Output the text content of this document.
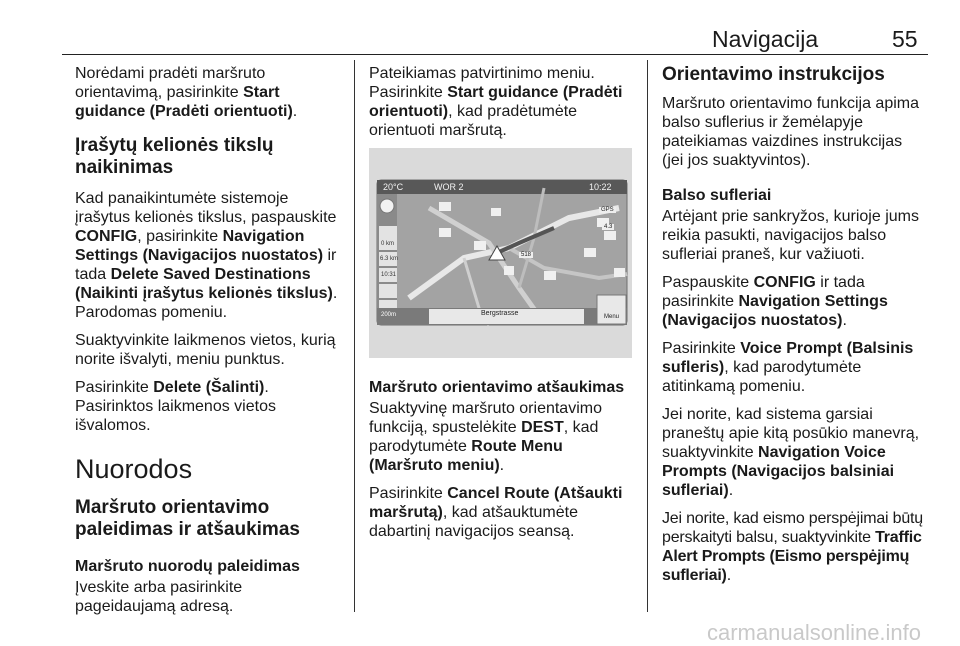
Navigacija	55

Norėdami pradėti maršruto orientavimą, pasirinkite Start guidance (Pradėti orientuoti).

Įrašytų kelionės tikslų naikinimas

Kad panaikintumėte sistemoje įrašytus kelionės tikslus, paspauskite CONFIG, pasirinkite Navigation Settings (Navigacijos nuostatos) ir tada Delete Saved Destinations (Naikinti įrašytus kelionės tikslus). Parodomas pomeniu.

Suaktyvinkite laikmenos vietos, kurią norite išvalyti, meniu punktus.

Pasirinkite Delete (Šalinti). Pasirinktos laikmenos vietos išvalomos.

Nuorodos
Maršruto orientavimo paleidimas ir atšaukimas
Maršruto nuorodų paleidimas

Įveskite arba pasirinkite pageidaujamą adresą.

Pateikiamas patvirtinimo meniu. Pasirinkite Start guidance (Pradėti orientuoti), kad pradėtumėte orientuoti maršrutą.

20°C	WOR 2	10:22
0 km
6.3 km
10:31
200m
518
GPS
4.3
Bergstrasse	Menu
Maršruto orientavimo atšaukimas

Suaktyvinę maršruto orientavimo funkciją, spustelėkite DEST, kad parodytumėte Route Menu (Maršruto meniu).

Pasirinkite Cancel Route (Atšaukti maršrutą), kad atšauktumėte dabartinį navigacijos seansą.

Orientavimo instrukcijos

Maršruto orientavimo funkcija apima balso suflerius ir žemėlapyje pateikiamas vaizdines instrukcijas (jei jos suaktyvintos).

Balso sufleriai

Artėjant prie sankryžos, kurioje jums reikia pasukti, navigacijos balso sufleriai praneš, kur važiuoti.

Paspauskite CONFIG ir tada pasirinkite Navigation Settings (Navigacijos nuostatos).

Pasirinkite Voice Prompt (Balsinis sufleris), kad parodytumėte atitinkamą pomeniu.

Jei norite, kad sistema garsiai praneštų apie kitą posūkio manevrą, suaktyvinkite Navigation Voice Prompts (Navigacijos balsiniai sufleriai).

Jei norite, kad eismo perspėjimai būtų perskaityti balsu, suaktyvinkite Traffic Alert Prompts (Eismo perspėjimų sufleriai).

carmanualsonline.info
